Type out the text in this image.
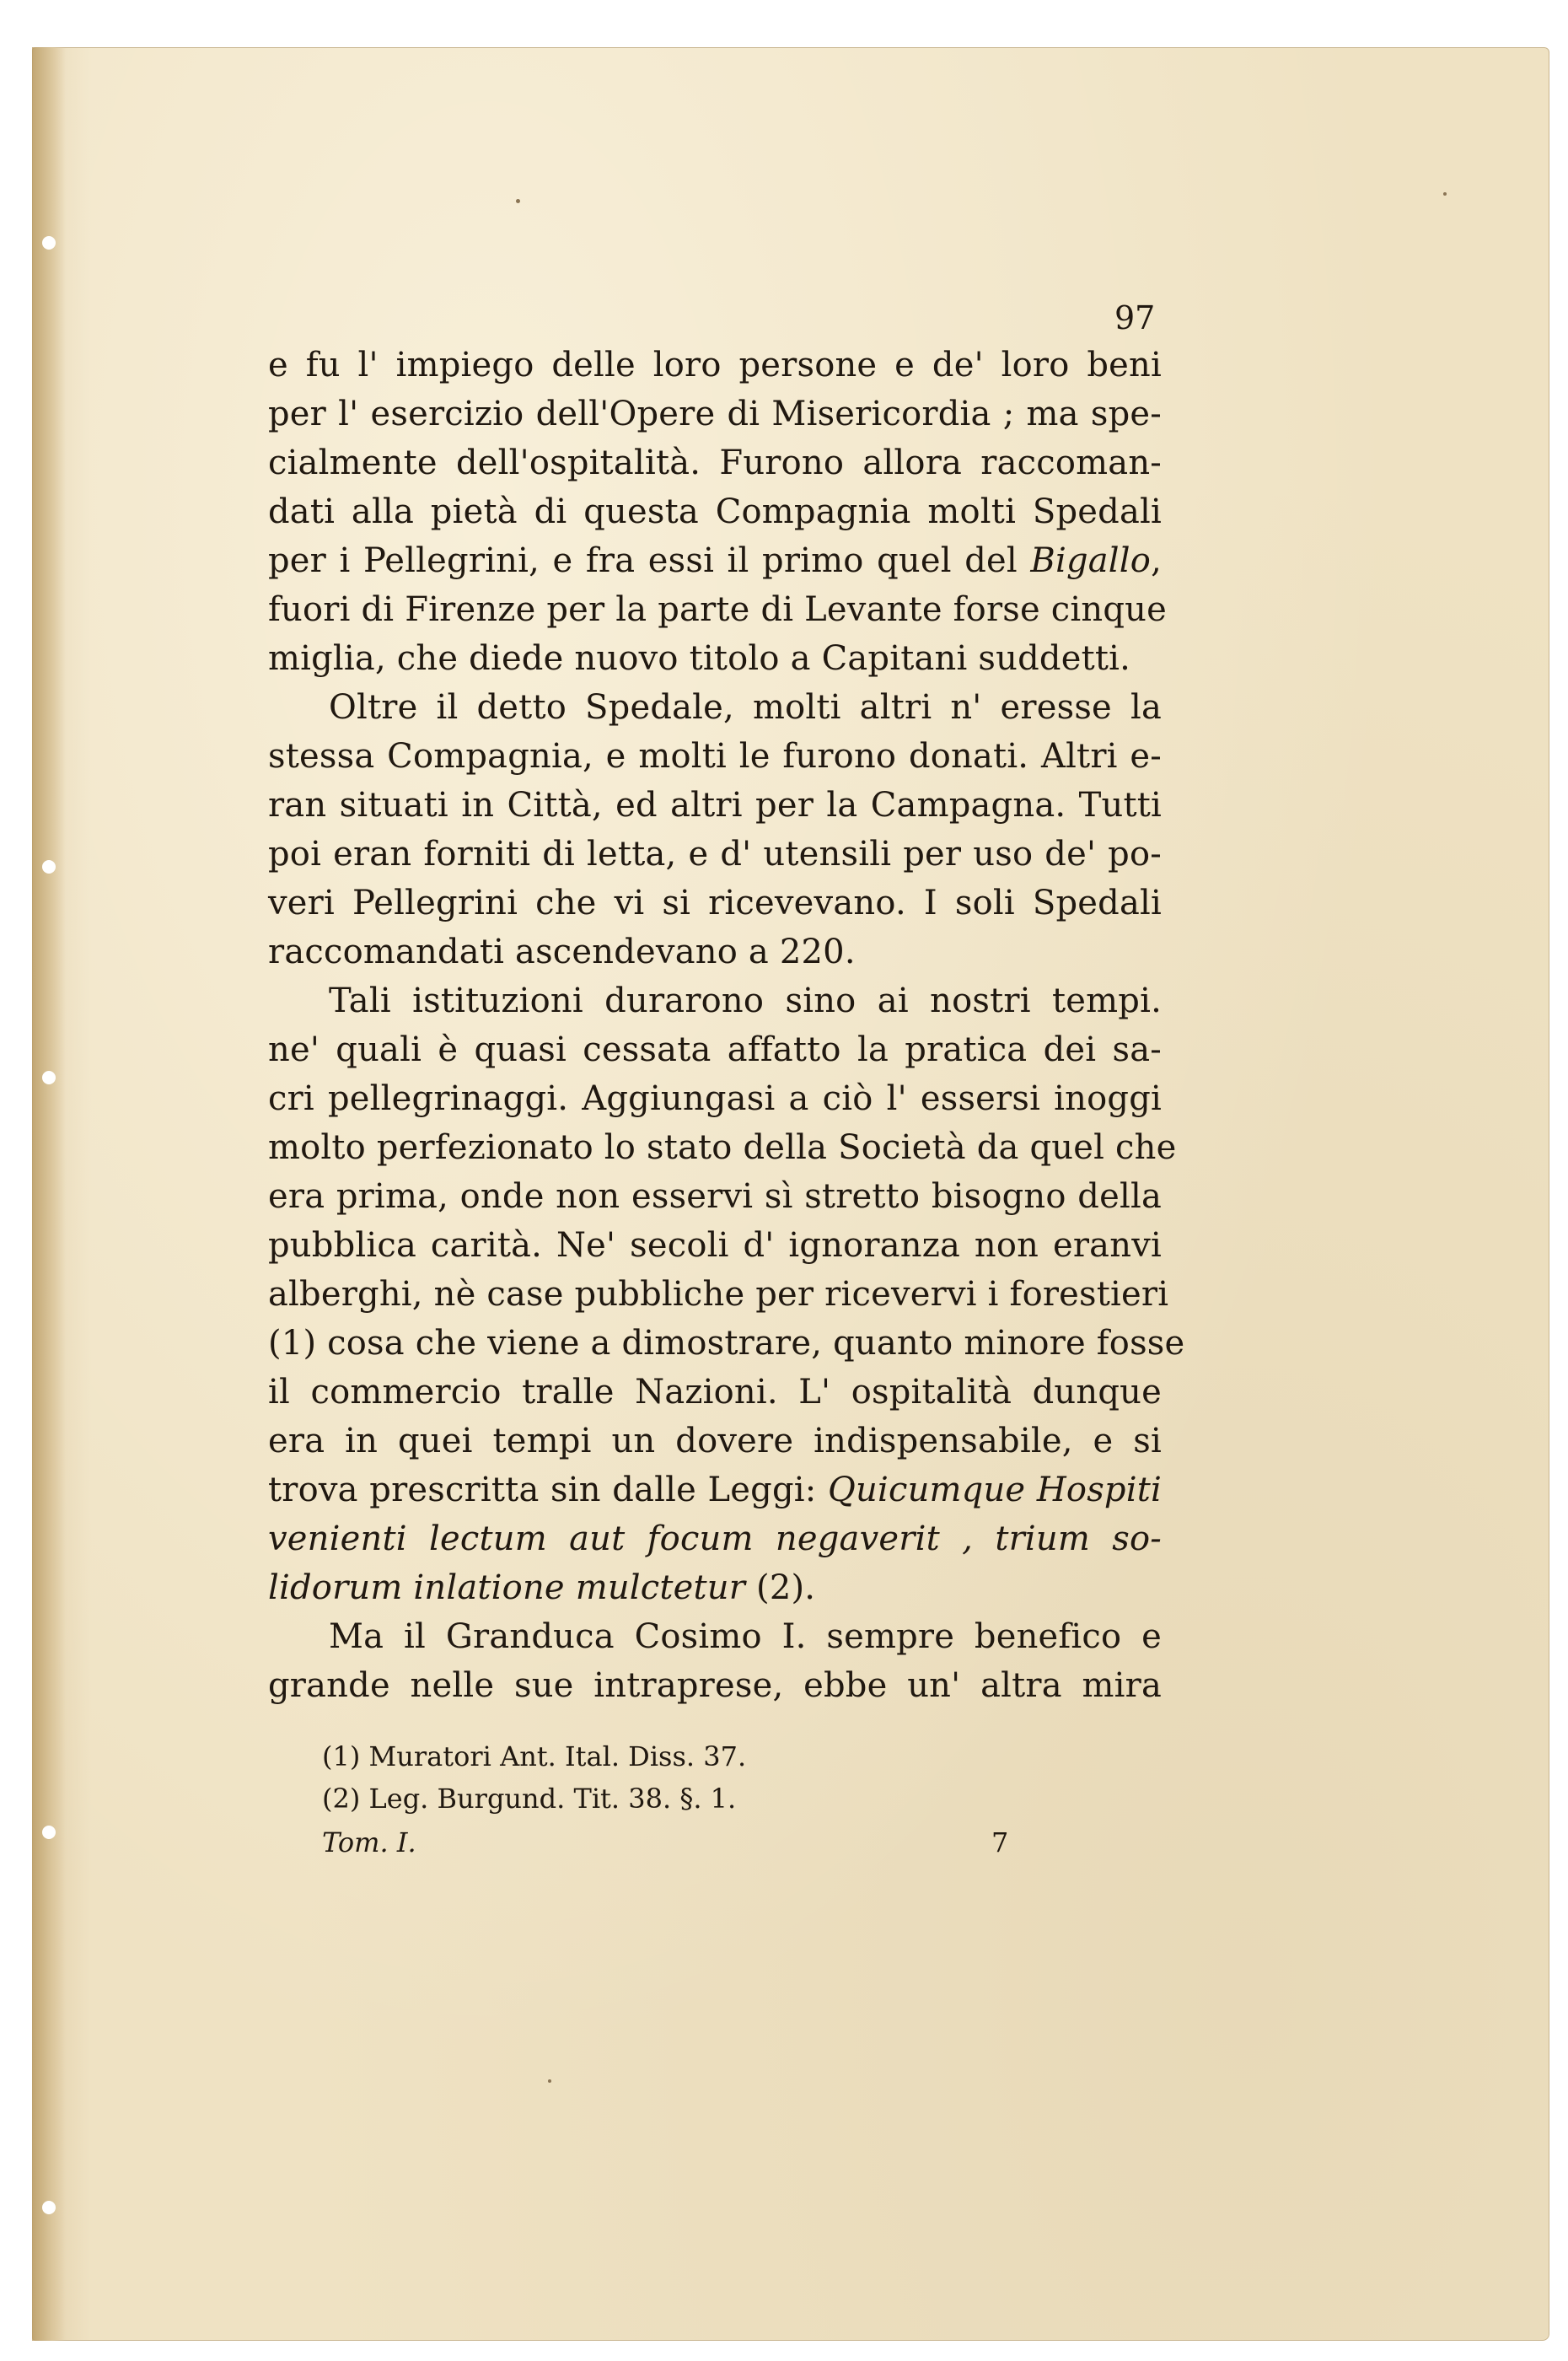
97
e fu l' impiego delle loro persone e de' loro beni
per l' esercizio dell'Opere di Misericordia ; ma spe-
cialmente dell'ospitalità. Furono allora raccoman-
dati alla pietà di questa Compagnia molti Spedali
per i Pellegrini, e fra essi il primo quel del Bigallo,
fuori di Firenze per la parte di Levante forse cinque
miglia, che diede nuovo titolo a Capitani suddetti.
Oltre il detto Spedale, molti altri n' eresse la
stessa Compagnia, e molti le furono donati. Altri e-
ran situati in Città, ed altri per la Campagna. Tutti
poi eran forniti di letta, e d' utensili per uso de' po-
veri Pellegrini che vi si ricevevano. I soli Spedali
raccomandati ascendevano a 220.
Tali istituzioni durarono sino ai nostri tempi.
ne' quali è quasi cessata affatto la pratica dei sa-
cri pellegrinaggi. Aggiungasi a ciò l' essersi inoggi
molto perfezionato lo stato della Società da quel che
era prima, onde non esservi sì stretto bisogno della
pubblica carità. Ne' secoli d' ignoranza non eranvi
alberghi, nè case pubbliche per ricevervi i forestieri
(1) cosa che viene a dimostrare, quanto minore fosse
il commercio tralle Nazioni. L' ospitalità dunque
era in quei tempi un dovere indispensabile, e si
trova prescritta sin dalle Leggi: Quicumque Hospiti
venienti lectum aut focum negaverit , trium so-
lidorum inlatione mulctetur (2).
Ma il Granduca Cosimo I. sempre benefico e
grande nelle sue intraprese, ebbe un' altra mira
(1) Muratori Ant. Ital. Diss. 37.
(2) Leg. Burgund. Tit. 38. §. 1.
Tom. I.	7
